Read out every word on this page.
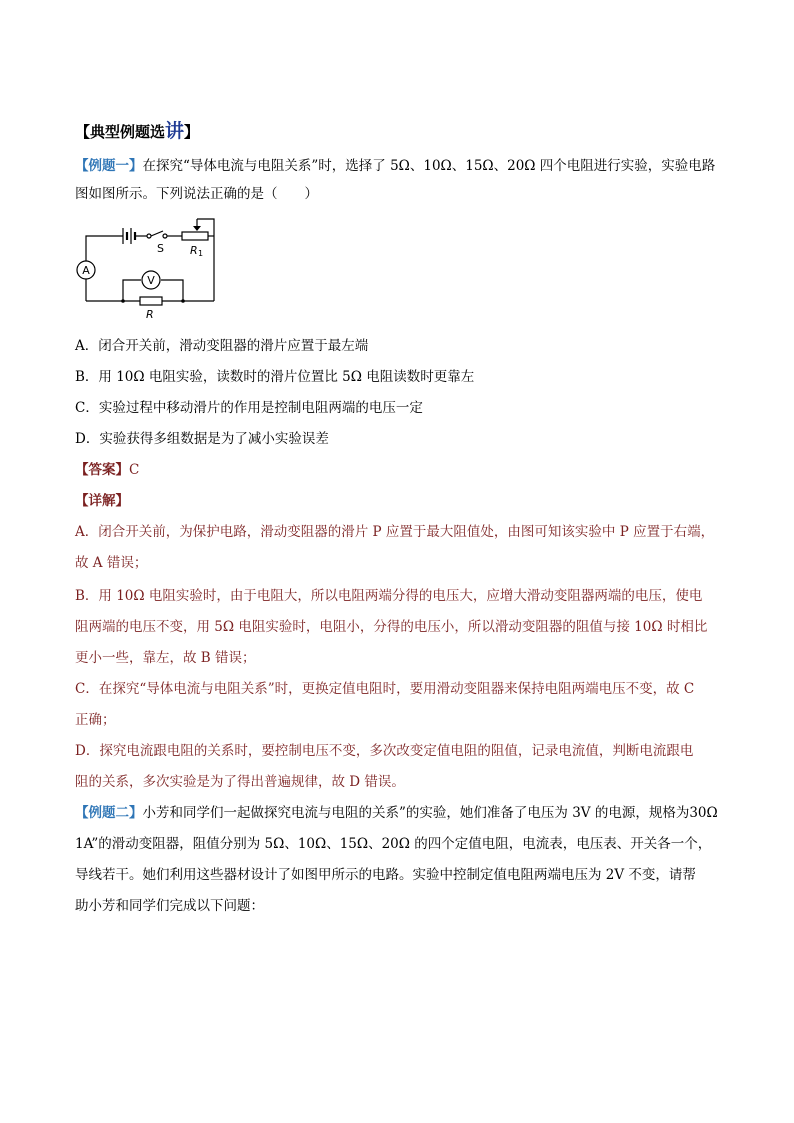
【典型例题选讲】
【例题一】在探究“导体电流与电阻关系”时，选择了 5Ω、10Ω、15Ω、20Ω 四个电阻进行实验，实验电路
图如图所示。下列说法正确的是（　　）
A
V
S R 1
R
A．闭合开关前，滑动变阻器的滑片应置于最左端
B．用 10Ω 电阻实验，读数时的滑片位置比 5Ω 电阻读数时更靠左
C．实验过程中移动滑片的作用是控制电阻两端的电压一定
D．实验获得多组数据是为了减小实验误差
【答案】C
【详解】
A．闭合开关前，为保护电路，滑动变阻器的滑片 P 应置于最大阻值处，由图可知该实验中 P 应置于右端，
故 A 错误；
B．用 10Ω 电阻实验时，由于电阻大，所以电阻两端分得的电压大，应增大滑动变阻器两端的电压，使电
阻两端的电压不变，用 5Ω 电阻实验时，电阻小，分得的电压小，所以滑动变阻器的阻值与接 10Ω 时相比
更小一些，靠左，故 B 错误；
C．在探究“导体电流与电阻关系”时，更换定值电阻时，要用滑动变阻器来保持电阻两端电压不变，故 C
正确；
D．探究电流跟电阻的关系时，要控制电压不变，多次改变定值电阻的阻值，记录电流值，判断电流跟电
阻的关系，多次实验是为了得出普遍规律，故 D 错误。
【例题二】小芳和同学们一起做探究电流与电阻的关系”的实验，她们准备了电压为 3V 的电源，规格为30Ω
1A”的滑动变阻器，阻值分别为 5Ω、10Ω、15Ω、20Ω 的四个定值电阻，电流表，电压表、开关各一个，
导线若干。她们利用这些器材设计了如图甲所示的电路。实验中控制定值电阻两端电压为 2V 不变，请帮
助小芳和同学们完成以下问题：
